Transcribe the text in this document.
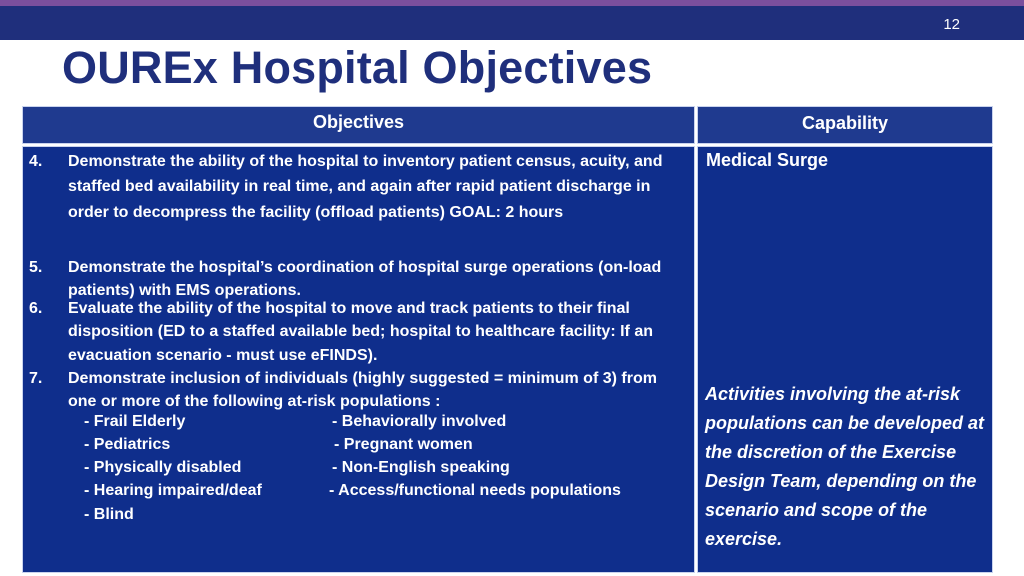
12
OUREx Hospital Objectives
Objectives	Capability
4. Demonstrate the ability of the hospital to inventory patient census, acuity, and staffed bed availability in real time, and again after rapid patient discharge in order to decompress the facility (offload patients) GOAL: 2 hours
5. Demonstrate the hospital’s coordination of hospital surge operations (on-load patients) with EMS operations.
6. Evaluate the ability of the hospital to move and track patients to their final disposition (ED to a staffed available bed; hospital to healthcare facility: If an evacuation scenario - must use eFINDS).
7. Demonstrate inclusion of individuals (highly suggested = minimum of 3) from one or more of the following at-risk populations :
- Frail Elderly
- Pediatrics
- Physically disabled
- Hearing impaired/deaf
- Blind
- Behaviorally involved
- Pregnant women
- Non-English speaking
- Access/functional needs populations

Medical Surge

Activities involving the at-risk populations can be developed at the discretion of the Exercise Design Team, depending on the scenario and scope of the exercise.
